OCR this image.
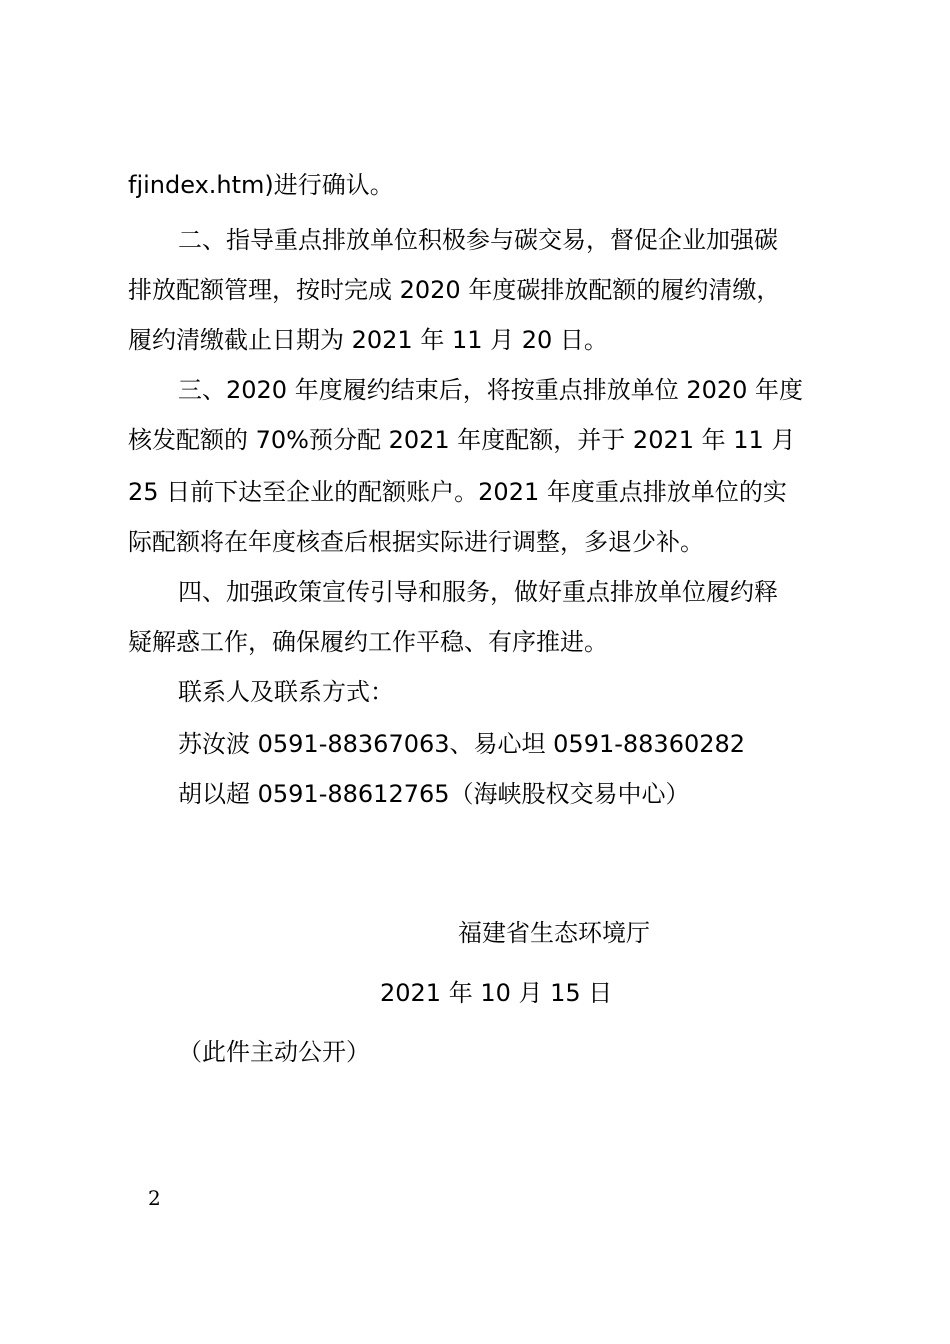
fjindex.htm)进行确认。
二、指导重点排放单位积极参与碳交易，督促企业加强碳
排放配额管理，按时完成 2020 年度碳排放配额的履约清缴，
履约清缴截止日期为 2021 年 11 月 20 日。
三、2020 年度履约结束后，将按重点排放单位 2020 年度
核发配额的 70%预分配 2021 年度配额，并于 2021 年 11 月
25 日前下达至企业的配额账户。2021 年度重点排放单位的实
际配额将在年度核查后根据实际进行调整，多退少补。
四、加强政策宣传引导和服务，做好重点排放单位履约释
疑解惑工作，确保履约工作平稳、有序推进。
联系人及联系方式：
苏汝波 0591-88367063、易心坦 0591-88360282
胡以超 0591-88612765（海峡股权交易中心）
福建省生态环境厅
2021 年 10 月 15 日
（此件主动公开）
2
